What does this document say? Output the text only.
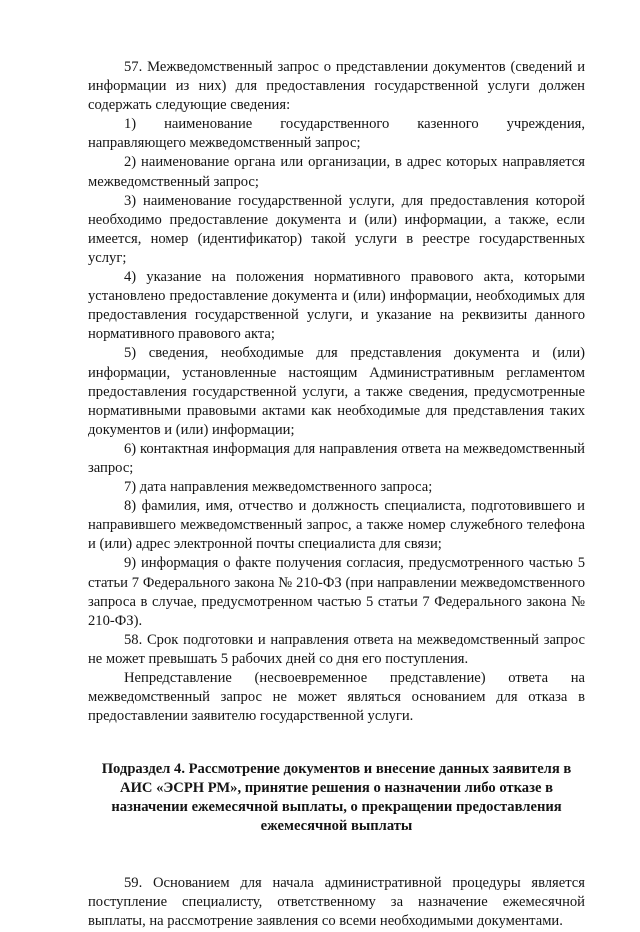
57. Межведомственный запрос о представлении документов (сведений и информации из них) для предоставления государственной услуги должен содержать следующие сведения:

1) наименование государственного казенного учреждения, направляющего межведомственный запрос;

2) наименование органа или организации, в адрес которых направляется межведомственный запрос;

3) наименование государственной услуги, для предоставления которой необходимо предоставление документа и (или) информации, а также, если имеется, номер (идентификатор) такой услуги в реестре государственных услуг;

4) указание на положения нормативного правового акта, которыми установлено предоставление документа и (или) информации, необходимых для предоставления государственной услуги, и указание на реквизиты данного нормативного правового акта;

5) сведения, необходимые для представления документа и (или) информации, установленные настоящим Административным регламентом предоставления государственной услуги, а также сведения, предусмотренные нормативными правовыми актами как необходимые для представления таких документов и (или) информации;

6) контактная информация для направления ответа на межведомственный запрос;

7) дата направления межведомственного запроса;

8) фамилия, имя, отчество и должность специалиста, подготовившего и направившего межведомственный запрос, а также номер служебного телефона и (или) адрес электронной почты специалиста для связи;

9) информация о факте получения согласия, предусмотренного частью 5 статьи 7 Федерального закона № 210-ФЗ (при направлении межведомственного запроса в случае, предусмотренном частью 5 статьи 7 Федерального закона № 210-ФЗ).

58. Срок подготовки и направления ответа на межведомственный запрос не может превышать 5 рабочих дней со дня его поступления.

Непредставление (несвоевременное представление) ответа на межведомственный запрос не может являться основанием для отказа в предоставлении заявителю государственной услуги.

Подраздел 4. Рассмотрение документов и внесение данных заявителя в АИС «ЭСРН РМ», принятие решения о назначении либо отказе в назначении ежемесячной выплаты, о прекращении предоставления ежемесячной выплаты

59. Основанием для начала административной процедуры является поступление специалисту, ответственному за назначение ежемесячной выплаты, на рассмотрение заявления со всеми необходимыми документами.
